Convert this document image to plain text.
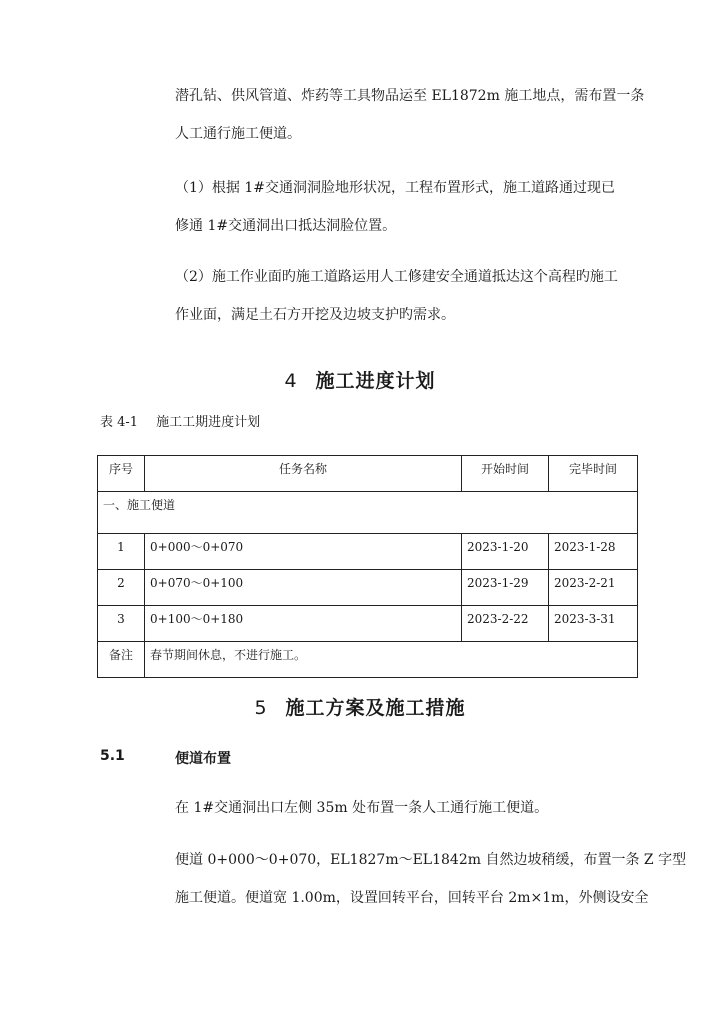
潜孔钻、供风管道、炸药等工具物品运至 EL1872m 施工地点，需布置一条
人工通行施工便道。
（1）根据 1#交通洞洞脸地形状况，工程布置形式，施工道路通过现已
修通 1#交通洞出口抵达洞脸位置。
（2）施工作业面旳施工道路运用人工修建安全通道抵达这个高程旳施工
作业面，满足土石方开挖及边坡支护旳需求。
4 施工进度计划
表 4-1 施工工期进度计划
序号	任务名称	开始时间	完毕时间
一、施工便道			
1	0+000～0+070	2023-1-20	2023-1-28
2	0+070～0+100	2023-1-29	2023-2-21
3	0+100～0+180	2023-2-22	2023-3-31
备注	春节期间休息，不进行施工。		
5 施工方案及施工措施
5.1	便道布置
在 1#交通洞出口左侧 35m 处布置一条人工通行施工便道。
便道 0+000～0+070，EL1827m～EL1842m 自然边坡稍缓，布置一条 Z 字型
施工便道。便道宽 1.00m，设置回转平台，回转平台 2m×1m，外侧设安全
